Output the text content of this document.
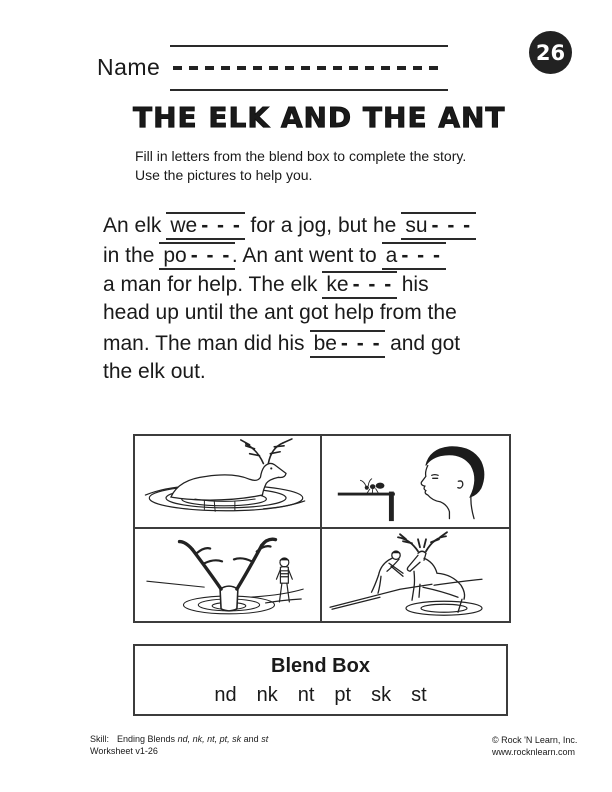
26
Name
THE ELK AND THE ANT
Fill in letters from the blend box to complete the story. Use the pictures to help you.
An elk we - - - for a jog, but he su - - -
in the po - - -. An ant went to a - - -
a man for help. The elk ke - - - his
head up until the ant got help from the
man. The man did his be - - - and got
the elk out.
Blend Box
nd nk nt pt sk st
Skill: Ending Blends nd, nk, nt, pt, sk and st
Worksheet v1-26
© Rock 'N Learn, Inc.
www.rocknlearn.com
